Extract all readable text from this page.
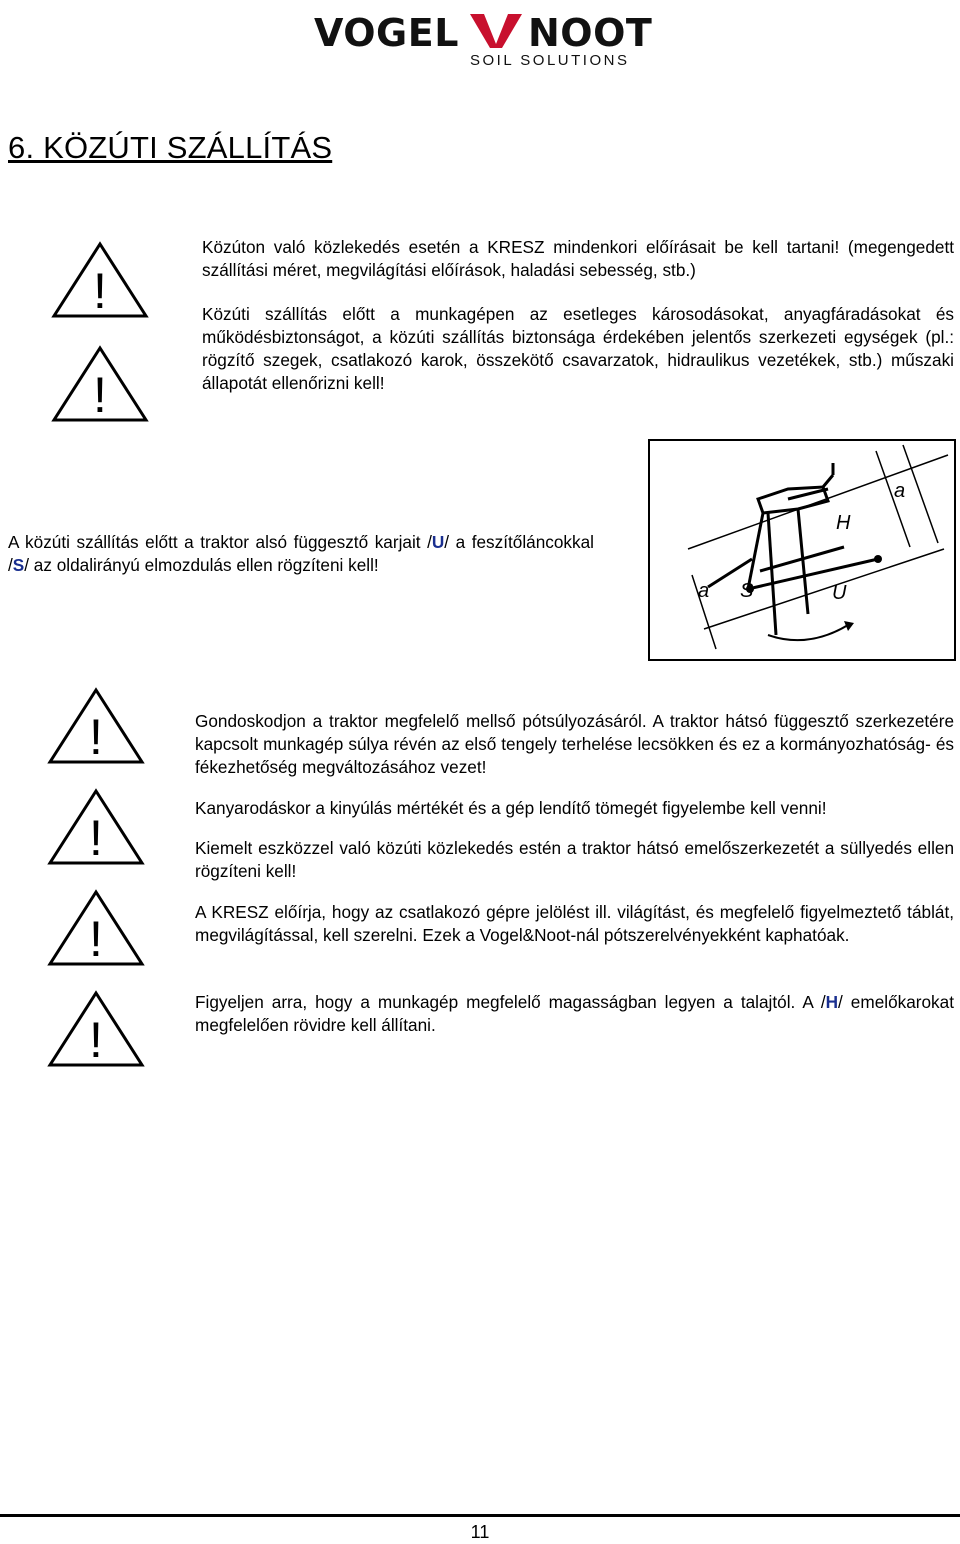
VOGEL NOOT
SOIL SOLUTIONS
6. KÖZÚTI SZÁLLÍTÁS
!
!
Közúton való közlekedés esetén a KRESZ mindenkori előírásait be kell tartani! (megengedett szállítási méret, megvilágítási előírások, haladási sebesség, stb.)
Közúti szállítás előtt a munkagépen az esetleges károsodásokat, anyagfáradásokat és működésbiztonságot, a közúti szállítás biztonsága érdekében jelentős szerkezeti egységek (pl.: rögzítő szegek, csatlakozó karok, összekötő csavarzatok, hidraulikus vezetékek, stb.) műszaki állapotát ellenőrizni kell!
A közúti szállítás előtt a traktor alsó függesztő karjait /U/ a feszítőláncokkal /S/ az oldalirányú elmozdulás ellen rögzíteni kell!
a
a
H
S	U
!
!
!
!
Gondoskodjon a traktor megfelelő mellső pótsúlyozásáról. A traktor hátsó függesztő szerkezetére kapcsolt munkagép súlya révén az első tengely terhelése lecsökken és ez a kormányozhatóság- és fékezhetőség megváltozásához vezet!
Kanyarodáskor a kinyúlás mértékét és a gép lendítő tömegét figyelembe kell venni!
Kiemelt eszközzel való közúti közlekedés estén a traktor hátsó emelőszerkezetét a süllyedés ellen rögzíteni kell!
A KRESZ előírja, hogy az csatlakozó gépre jelölést ill. világítást, és megfelelő figyelmeztető táblát, megvilágítással, kell szerelni. Ezek a Vogel&Noot-nál pótszerelvényekként kaphatóak.
Figyeljen arra, hogy a munkagép megfelelő magasságban legyen a talajtól. A /H/ emelőkarokat megfelelően rövidre kell állítani.
11
